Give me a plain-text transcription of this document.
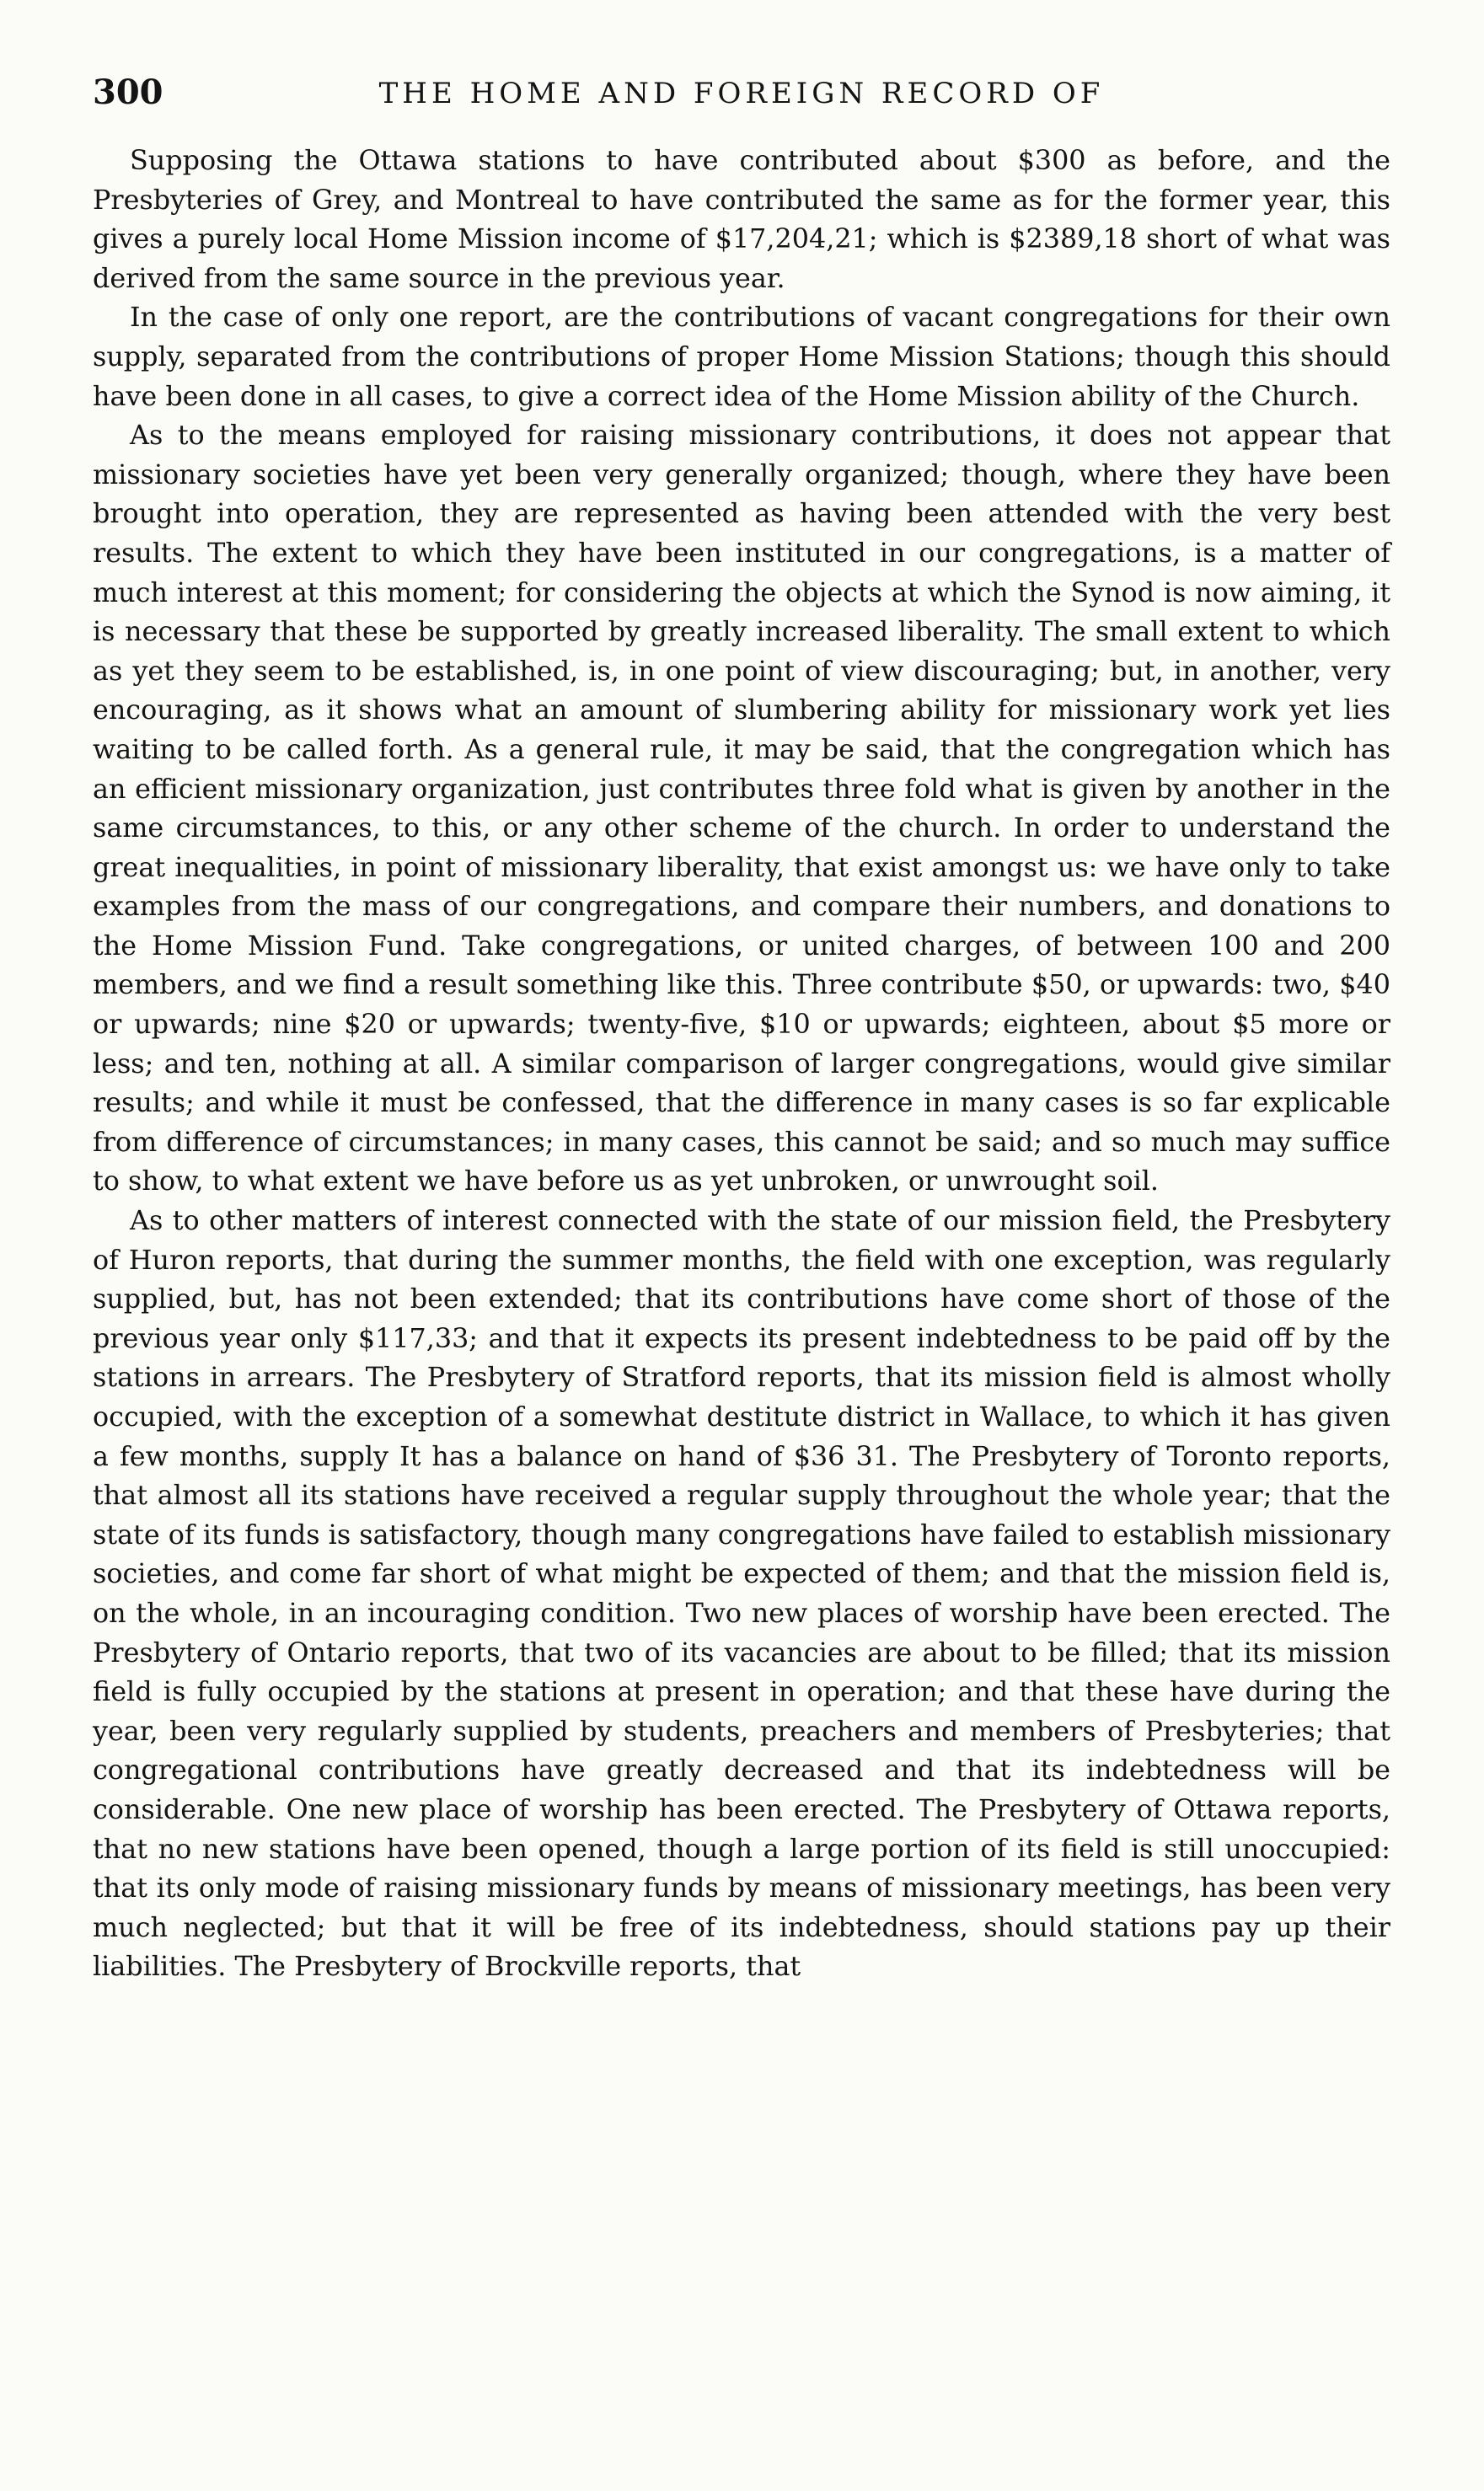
300	THE HOME AND FOREIGN RECORD OF

Supposing the Ottawa stations to have contributed about $300 as before, and the Presbyteries of Grey, and Montreal to have contributed the same as for the former year, this gives a purely local Home Mission income of $17,204,21; which is $2389,18 short of what was derived from the same source in the previous year.

In the case of only one report, are the contributions of vacant congregations for their own supply, separated from the contributions of proper Home Mission Stations; though this should have been done in all cases, to give a correct idea of the Home Mission ability of the Church.

As to the means employed for raising missionary contributions, it does not appear that missionary societies have yet been very generally organized; though, where they have been brought into operation, they are represented as having been attended with the very best results. The extent to which they have been instituted in our congregations, is a matter of much interest at this moment; for considering the objects at which the Synod is now aiming, it is necessary that these be supported by greatly increased liberality. The small extent to which as yet they seem to be established, is, in one point of view discouraging; but, in another, very encouraging, as it shows what an amount of slumbering ability for missionary work yet lies waiting to be called forth. As a general rule, it may be said, that the congregation which has an efficient missionary organization, just contributes three fold what is given by another in the same circumstances, to this, or any other scheme of the church. In order to understand the great inequalities, in point of missionary liberality, that exist amongst us: we have only to take examples from the mass of our congregations, and compare their numbers, and donations to the Home Mission Fund. Take congregations, or united charges, of between 100 and 200 members, and we find a result something like this. Three contribute $50, or upwards: two, $40 or upwards; nine $20 or upwards; twenty-five, $10 or upwards; eighteen, about $5 more or less; and ten, nothing at all. A similar comparison of larger congregations, would give similar results; and while it must be confessed, that the difference in many cases is so far explicable from difference of circumstances; in many cases, this cannot be said; and so much may suffice to show, to what extent we have before us as yet unbroken, or unwrought soil.

As to other matters of interest connected with the state of our mission field, the Presbytery of Huron reports, that during the summer months, the field with one exception, was regularly supplied, but, has not been extended; that its contributions have come short of those of the previous year only $117,33; and that it expects its present indebtedness to be paid off by the stations in arrears. The Presbytery of Stratford reports, that its mission field is almost wholly occupied, with the exception of a somewhat destitute district in Wallace, to which it has given a few months, supply It has a balance on hand of $36 31. The Presbytery of Toronto reports, that almost all its stations have received a regular supply throughout the whole year; that the state of its funds is satisfactory, though many congregations have failed to establish missionary societies, and come far short of what might be expected of them; and that the mission field is, on the whole, in an incouraging condition. Two new places of worship have been erected. The Presbytery of Ontario reports, that two of its vacancies are about to be filled; that its mission field is fully occupied by the stations at present in operation; and that these have during the year, been very regularly supplied by students, preachers and members of Presbyteries; that congregational contributions have greatly decreased and that its indebtedness will be considerable. One new place of worship has been erected. The Presbytery of Ottawa reports, that no new stations have been opened, though a large portion of its field is still unoccupied: that its only mode of raising missionary funds by means of missionary meetings, has been very much neglected; but that it will be free of its indebtedness, should stations pay up their liabilities. The Presbytery of Brockville reports, that
